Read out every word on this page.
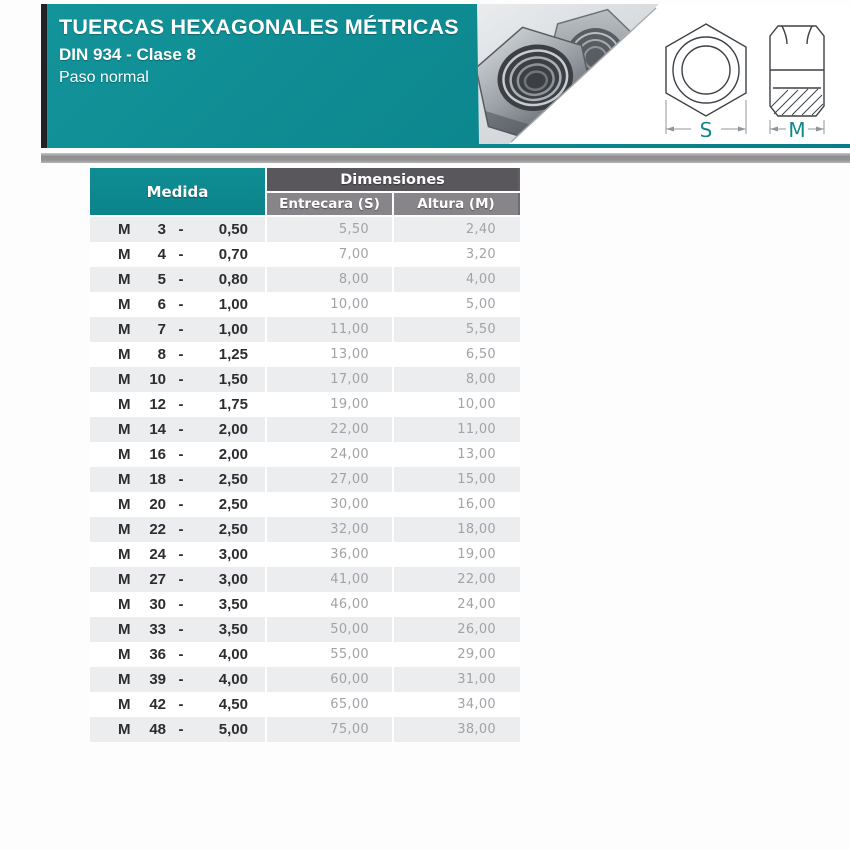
TUERCAS HEXAGONALES MÉTRICAS
DIN 934 - Clase 8
Paso normal
S	M
Medida
Dimensiones
Entrecara (S)	Altura (M)
M	3 -	0,50	5,50	2,40
M	4 -	0,70	7,00	3,20
M	5 -	0,80	8,00	4,00
M	6 -	1,00	10,00	5,00
M	7 -	1,00	11,00	5,50
M	8 -	1,25	13,00	6,50
M	10 -	1,50	17,00	8,00
M	12 -	1,75	19,00	10,00
M	14 -	2,00	22,00	11,00
M	16 -	2,00	24,00	13,00
M	18 -	2,50	27,00	15,00
M	20 -	2,50	30,00	16,00
M	22 -	2,50	32,00	18,00
M	24 -	3,00	36,00	19,00
M	27 -	3,00	41,00	22,00
M	30 -	3,50	46,00	24,00
M	33 -	3,50	50,00	26,00
M	36 -	4,00	55,00	29,00
M	39 -	4,00	60,00	31,00
M	42 -	4,50	65,00	34,00
M	48 -	5,00	75,00	38,00
